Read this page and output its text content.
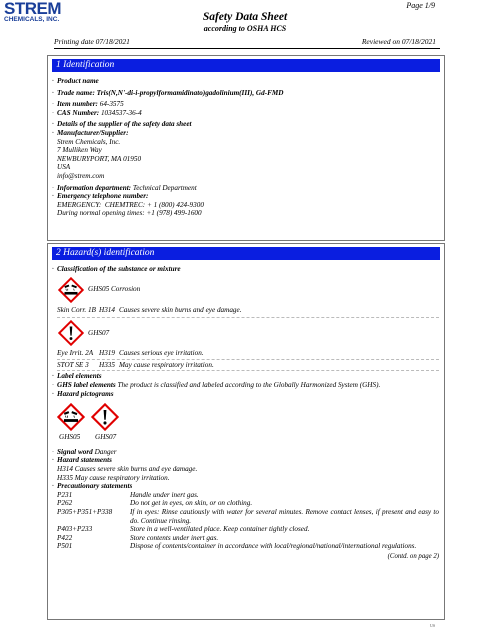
STREM
CHEMICALS, INC.
Page 1/9
Safety Data Sheet
according to OSHA HCS
Printing date 07/18/2021	Reviewed on 07/18/2021
1 Identification
· Product name
· Trade name: Tris(N,N'-di-i-propylformamidinato)gadolinium(III), Gd-FMD
· Item number: 64-3575
· CAS Number: 1034537-36-4
· Details of the supplier of the safety data sheet
· Manufacturer/Supplier:
Strem Chemicals, Inc.
7 Mulliken Way
NEWBURYPORT, MA 01950
USA
info@strem.com
· Information department: Technical Department
· Emergency telephone number:
EMERGENCY:  CHEMTREC: + 1 (800) 424-9300
During normal opening times: +1 (978) 499-1600
2 Hazard(s) identification
· Classification of the substance or mixture
GHS05 Corrosion
Skin Corr. 1B H314 Causes severe skin burns and eye damage.
GHS07
Eye Irrit. 2A H319 Causes serious eye irritation.
STOT SE 3	H335 May cause respiratory irritation.
· Label elements
· GHS label elements The product is classified and labeled according to the Globally Harmonized System (GHS).
· Hazard pictograms
GHS05	GHS07
· Signal word Danger
· Hazard statements
H314 Causes severe skin burns and eye damage.
H335 May cause respiratory irritation.
· Precautionary statements
P231	Handle under inert gas.
P262	Do not get in eyes, on skin, or on clothing.
P305+P351+P338	If in eyes: Rinse cautiously with water for several minutes. Remove contact lenses, if present and easy to do. Continue rinsing.
P403+P233	Store in a well-ventilated place. Keep container tightly closed.
P422	Store contents under inert gas.
P501	Dispose of contents/container in accordance with local/regional/national/international regulations.
(Contd. on page 2)
US
